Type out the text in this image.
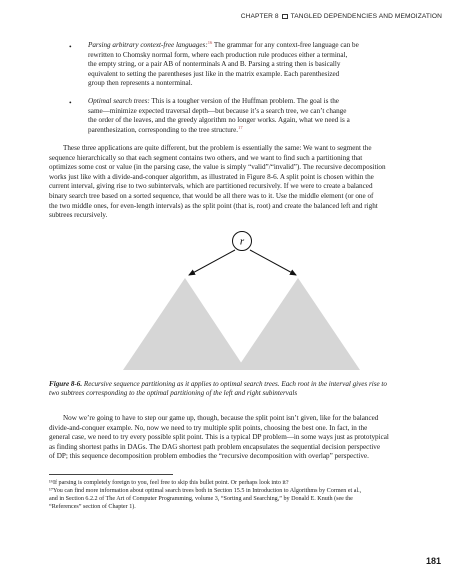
CHAPTER 8 TANGLED DEPENDENCIES AND MEMOIZATION
• Parsing arbitrary context-free languages:$^{16}$ The grammar for any context-free language can be
rewritten to Chomsky normal form, where each production rule produces either a terminal,
the empty string, or a pair AB of nonterminals A and B. Parsing a string then is basically
equivalent to setting the parentheses just like in the matrix example. Each parenthesized
group then represents a nonterminal.
• Optimal search trees: This is a tougher version of the Huffman problem. The goal is the
same—minimize expected traversal depth—but because it’s a search tree, we can’t change
the order of the leaves, and the greedy algorithm no longer works. Again, what we need is a
parenthesization, corresponding to the tree structure.$^{17}$
These three applications are quite different, but the problem is essentially the same: We want to segment the
sequence hierarchically so that each segment contains two others, and we want to find such a partitioning that
optimizes some cost or value (in the parsing case, the value is simply “valid”/“invalid”). The recursive decomposition
works just like with a divide-and-conquer algorithm, as illustrated in Figure 8-6. A split point is chosen within the
current interval, giving rise to two subintervals, which are partitioned recursively. If we were to create a balanced
binary search tree based on a sorted sequence, that would be all there was to it. Use the middle element (or one of
the two middle ones, for even-length intervals) as the split point (that is, root) and create the balanced left and right
subtrees recursively.
r
Figure 8-6. Recursive sequence partitioning as it applies to optimal search trees. Each root in the interval gives rise to
two subtrees corresponding to the optimal partitioning of the left and right subintervals
Now we’re going to have to step our game up, though, because the split point isn’t given, like for the balanced
divide-and-conquer example. No, now we need to try multiple split points, choosing the best one. In fact, in the
general case, we need to try every possible split point. This is a typical DP problem—in some ways just as prototypical
as finding shortest paths in DAGs. The DAG shortest path problem encapsulates the sequential decision perspective
of DP; this sequence decomposition problem embodies the “recursive decomposition with overlap” perspective.
¹⁶If parsing is completely foreign to you, feel free to skip this bullet point. Or perhaps look into it?
¹⁷You can find more information about optimal search trees both in Section 15.5 in Introduction to Algorithms by Cormen et al.,
and in Section 6.2.2 of The Art of Computer Programming, volume 3, “Sorting and Searching,” by Donald E. Knuth (see the
“References” section of Chapter 1).
181
